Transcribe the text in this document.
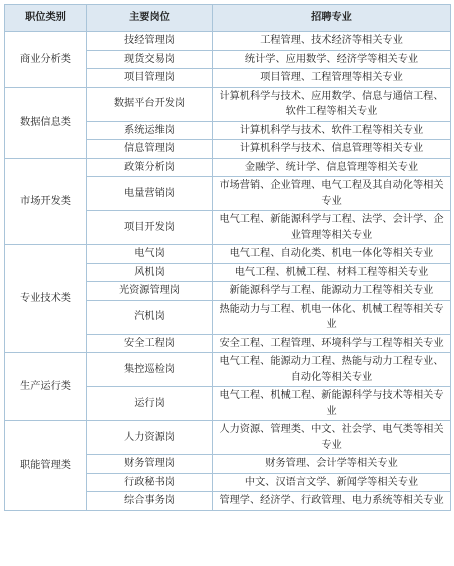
职位类别	主要岗位	招聘专业
商业分析类	技经管理岗	工程管理、技术经济等相关专业
	现货交易岗	统计学、应用数学、经济学等相关专业
	项目管理岗	项目管理、工程管理等相关专业
数据信息类	数据平台开发岗	计算机科学与技术、应用数学、信息与通信工程、软件工程等相关专业
	系统运维岗	计算机科学与技术、软件工程等相关专业
	信息管理岗	计算机科学与技术、信息管理等相关专业
市场开发类	政策分析岗	金融学、统计学、信息管理等相关专业
	电量营销岗	市场营销、企业管理、电气工程及其自动化等相关专业
	项目开发岗	电气工程、新能源科学与工程、法学、会计学、企业管理等相关专业
专业技术类	电气岗	电气工程、自动化类、机电一体化等相关专业
	风机岗	电气工程、机械工程、材料工程等相关专业
	光资源管理岗	新能源科学与工程、能源动力工程等相关专业
	汽机岗	热能动力与工程、机电一体化、机械工程等相关专业
	安全工程岗	安全工程、工程管理、环境科学与工程等相关专业
生产运行类	集控巡检岗	电气工程、能源动力工程、热能与动力工程专业、自动化等相关专业
	运行岗	电气工程、机械工程、新能源科学与技术等相关专业
职能管理类	人力资源岗	人力资源、管理类、中文、社会学、电气类等相关专业
	财务管理岗	财务管理、会计学等相关专业
	行政秘书岗	中文、汉语言文学、新闻学等相关专业
	综合事务岗	管理学、经济学、行政管理、电力系统等相关专业
